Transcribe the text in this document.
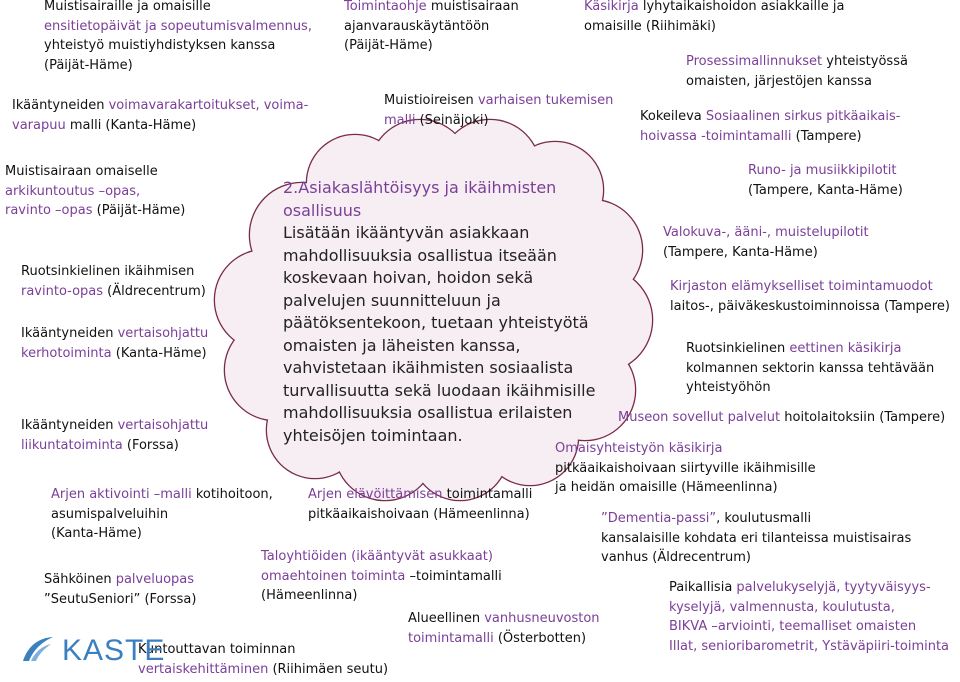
2.Asiakaslähtöisyys ja ikäihmisten
osallisuus
Lisätään ikääntyvän asiakkaan
mahdollisuuksia osallistua itseään
koskevaan hoivan, hoidon sekä
palvelujen suunnitteluun ja
päätöksentekoon, tuetaan yhteistyötä
omaisten ja läheisten kanssa,
vahvistetaan ikäihmisten sosiaalista
turvallisuutta sekä luodaan ikäihmisille
mahdollisuuksia osallistua erilaisten
yhteisöjen toimintaan.
Muistisairaille ja omaisille
ensitietopäivät ja sopeutumisvalmennus,
yhteistyö muistiyhdistyksen kanssa
(Päijät-Häme)
Ikääntyneiden voimavarakartoitukset, voima-
varapuu malli (Kanta-Häme)
Toimintaohje muistisairaan
ajanvarauskäytäntöön
(Päijät-Häme)
Muistioireisen varhaisen tukemisen
malli (Seinäjoki)
Käsikirja lyhytaikaishoidon asiakkaille ja
omaisille (Riihimäki)
Prosessimallinnukset yhteistyössä
omaisten, järjestöjen kanssa
Kokeileva Sosiaalinen sirkus pitkäaikais-
hoivassa -toimintamalli (Tampere)
Muistisairaan omaiselle
arkikuntoutus –opas,
ravinto –opas (Päijät-Häme)
Ruotsinkielinen ikäihmisen
ravinto-opas (Äldrecentrum)
Ikääntyneiden vertaisohjattu
kerhotoiminta (Kanta-Häme)
Ikääntyneiden vertaisohjattu
liikuntatoiminta (Forssa)
Runo- ja musiikkipilotit
(Tampere, Kanta-Häme)
Valokuva-, ääni-, muistelupilotit
(Tampere, Kanta-Häme)
Kirjaston elämykselliset toimintamuodot
laitos-, päiväkeskustoiminnoissa (Tampere)
Ruotsinkielinen eettinen käsikirja
kolmannen sektorin kanssa tehtävään
yhteistyöhön
Museon sovellut palvelut hoitolaitoksiin (Tampere)
Omaisyhteistyön käsikirja
pitkäaikaishoivaan siirtyville ikäihmisille
ja heidän omaisille (Hämeenlinna)
Arjen aktivointi –malli kotihoitoon,
asumispalveluihin
(Kanta-Häme)
Arjen elävöittämisen toimintamalli
pitkäaikaishoivaan (Hämeenlinna)	”Dementia-passi”, koulutusmalli
kansalaisille kohdata eri tilanteissa muistisairas
vanhus (Äldrecentrum)
Taloyhtiöiden (ikääntyvät asukkaat)
omaehtoinen toiminta –toimintamalli
(Hämeenlinna)
Sähköinen palveluopas
”SeutuSeniori” (Forssa)
Paikallisia palvelukyselyjä, tyytyväisyys-
kyselyjä, valmennusta, koulutusta,
BIKVA –arviointi, teemalliset omaisten
Illat, senioribarometrit, Ystäväpiiri-toiminta
Alueellinen vanhusneuvoston
toimintamalli (Österbotten)
Kuntouttavan toiminnan
vertaiskehittäminen (Riihimäen seutu)
KASTE
